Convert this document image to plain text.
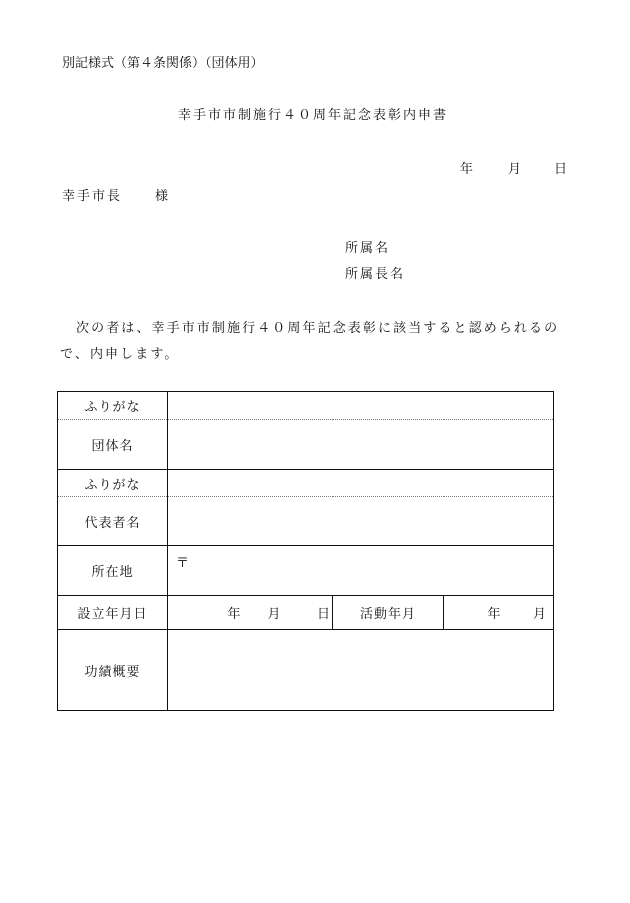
別記様式（第４条関係）（団体用）
幸手市市制施行４０周年記念表彰内申書
年	月	日
幸手市長	様
所属名
所属長名
次の者は、幸手市市制施行４０周年記念表彰に該当すると認められるの
で、内申します。
ふりがな			
団体名			
ふりがな			
代表者名			
所在地	〒		
設立年月日	年 月 日	活動年月	年 月
功績概要			
